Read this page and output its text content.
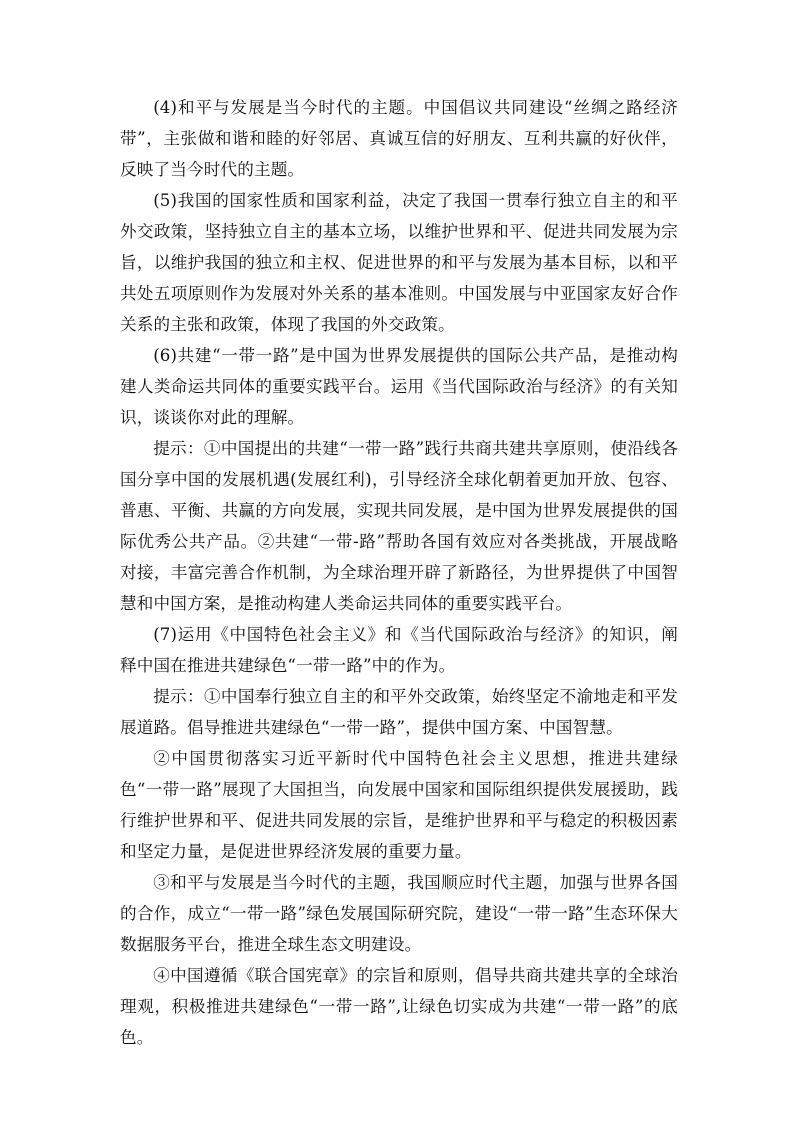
(4)和平与发展是当今时代的主题。中国倡议共同建设“丝绸之路经济带”，主张做和谐和睦的好邻居、真诚互信的好朋友、互利共赢的好伙伴，反映了当今时代的主题。

(5)我国的国家性质和国家利益，决定了我国一贯奉行独立自主的和平外交政策，坚持独立自主的基本立场，以维护世界和平、促进共同发展为宗旨，以维护我国的独立和主权、促进世界的和平与发展为基本目标，以和平共处五项原则作为发展对外关系的基本准则。中国发展与中亚国家友好合作关系的主张和政策，体现了我国的外交政策。

(6)共建“一带一路”是中国为世界发展提供的国际公共产品，是推动构建人类命运共同体的重要实践平台。运用《当代国际政治与经济》的有关知识，谈谈你对此的理解。

提示：①中国提出的共建“一带一路”践行共商共建共享原则，使沿线各国分享中国的发展机遇(发展红利)，引导经济全球化朝着更加开放、包容、普惠、平衡、共赢的方向发展，实现共同发展，是中国为世界发展提供的国际优秀公共产品。②共建“一带-路”帮助各国有效应对各类挑战，开展战略对接，丰富完善合作机制，为全球治理开辟了新路径，为世界提供了中国智慧和中国方案，是推动构建人类命运共同体的重要实践平台。

(7)运用《中国特色社会主义》和《当代国际政治与经济》的知识，阐释中国在推进共建绿色“一带一路”中的作为。

提示：①中国奉行独立自主的和平外交政策，始终坚定不渝地走和平发展道路。倡导推进共建绿色“一带一路”，提供中国方案、中国智慧。

②中国贯彻落实习近平新时代中国特色社会主义思想，推进共建绿色“一带一路”展现了大国担当，向发展中国家和国际组织提供发展援助，践行维护世界和平、促进共同发展的宗旨，是维护世界和平与稳定的积极因素和坚定力量，是促进世界经济发展的重要力量。

③和平与发展是当今时代的主题，我国顺应时代主题，加强与世界各国的合作，成立“一带一路”绿色发展国际研究院，建设“一带一路”生态环保大数据服务平台，推进全球生态文明建设。

④中国遵循《联合国宪章》的宗旨和原则，倡导共商共建共享的全球治理观，积极推进共建绿色“一带一路”,让绿色切实成为共建“一带一路”的底色。
